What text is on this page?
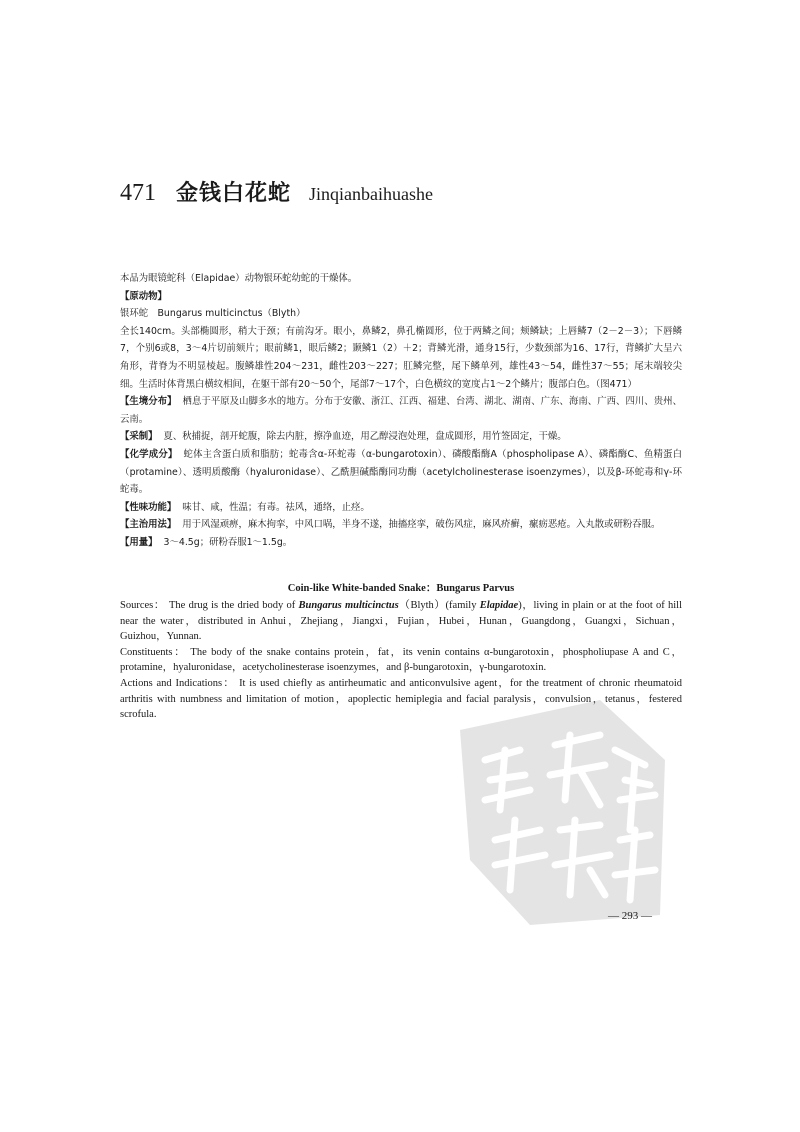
471 金钱白花蛇 Jinqianbaihuashe

本品为眼镜蛇科（Elapidae）动物银环蛇幼蛇的干燥体。

【原动物】

银环蛇　Bungarus multicinctus（Blyth）

全长140cm。头部椭圆形，稍大于颈；有前沟牙。眼小，鼻鳞2，鼻孔椭圆形，位于两鳞之间；颊鳞缺；上唇鳞7（2－2－3）；下唇鳞7，个别6或8，3～4片切前颏片；眼前鳞1，眼后鳞2；颞鳞1（2）＋2；背鳞光滑，通身15行，少数颈部为16、17行，背鳞扩大呈六角形，背脊为不明显棱起。腹鳞雄性204～231，雌性203～227；肛鳞完整，尾下鳞单列，雄性43～54，雌性37～55；尾末端较尖细。生活时体背黑白横纹相间，在躯干部有20～50个，尾部7～17个，白色横纹的宽度占1～2个鳞片；腹部白色。（图471）

【生境分布】 栖息于平原及山脚多水的地方。分布于安徽、浙江、江西、福建、台湾、湖北、湖南、广东、海南、广西、四川、贵州、云南。

【采制】 夏、秋捕捉，剖开蛇腹，除去内脏，擦净血迹，用乙醇浸泡处理，盘成圆形，用竹签固定，干燥。

【化学成分】 蛇体主含蛋白质和脂肪；蛇毒含α-环蛇毒（α-bungarotoxin）、磷酸酯酶A（phospholipase A）、磷酯酶C、鱼精蛋白（protamine）、透明质酸酶（hyaluronidase）、乙酰胆碱酯酶同功酶（acetylcholinesterase isoenzymes），以及β-环蛇毒和γ-环蛇毒。

【性味功能】 味甘、咸，性温；有毒。祛风，通络，止痉。

【主治用法】 用于风湿顽痹，麻木拘挛，中风口㖞，半身不遂，抽搐痉挛，破伤风症，麻风疥癣，瘰疬恶疮。入丸散或研粉吞服。

【用量】 3～4.5g；研粉吞服1～1.5g。

Coin-like White-banded Snake：Bungarus Parvus

Sources： The drug is the dried body of Bungarus multicinctus（Blyth）(family Elapidae)，living in plain or at the foot of hill near the water，distributed in Anhui，Zhejiang，Jiangxi，Fujian，Hubei，Hunan，Guangdong，Guangxi，Sichuan，Guizhou，Yunnan.

Constituents： The body of the snake contains protein，fat，its venin contains α-bungarotoxin，phospholiupase A and C，protamine，hyaluronidase，acetycholinesterase isoenzymes，and β-bungarotoxin，γ-bungarotoxin.

Actions and Indications： It is used chiefly as antirheumatic and anticonvulsive agent，for the treatment of chronic rheumatoid arthritis with numbness and limitation of motion，apoplectic hemiplegia and facial paralysis，convulsion，tetanus，festered scrofula.

— 293 —
